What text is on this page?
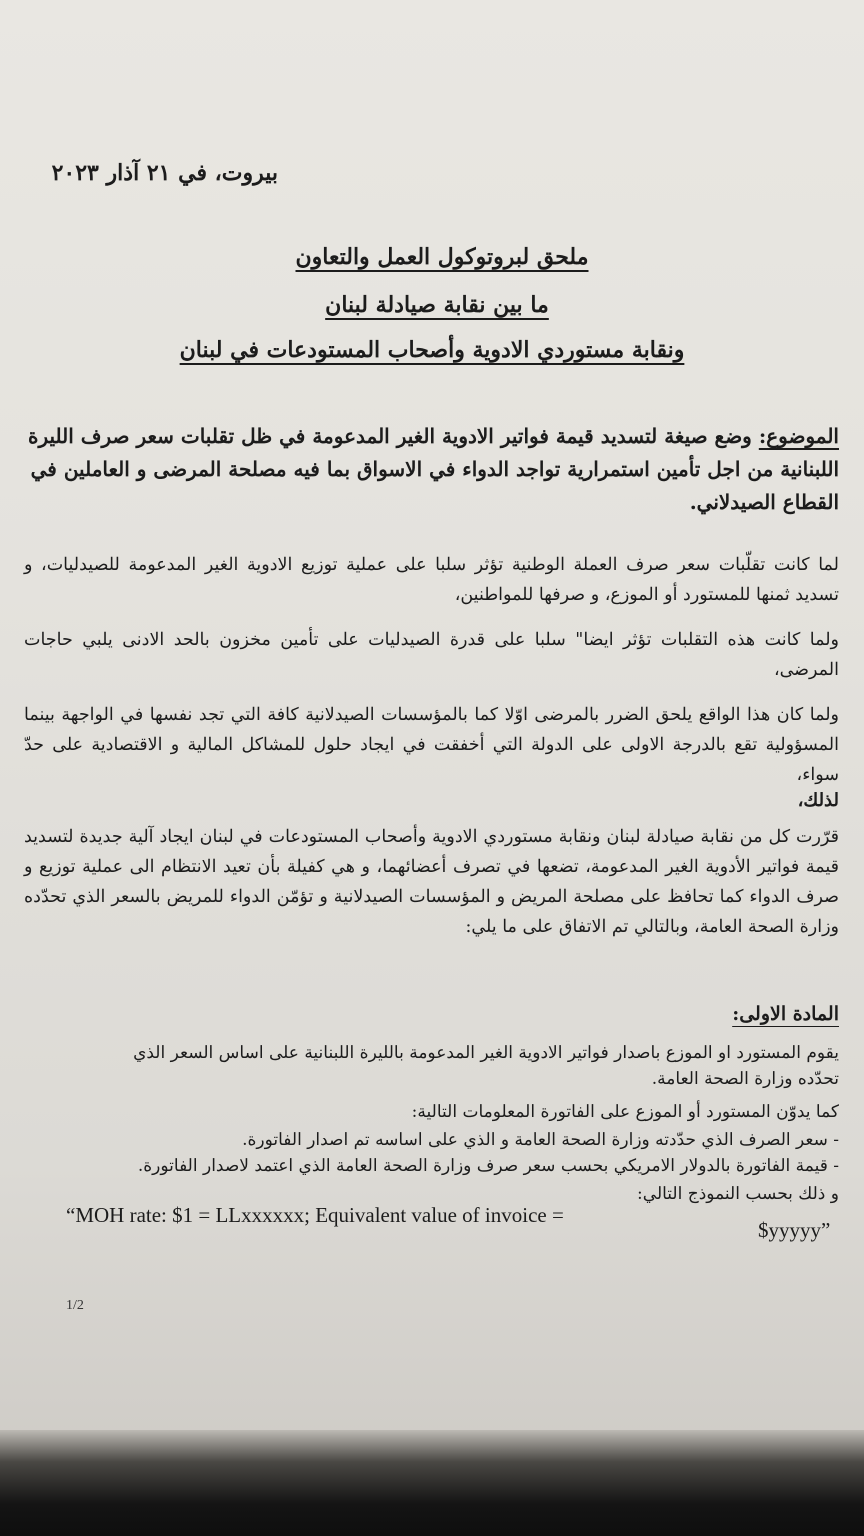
بيروت، في ٢١ آذار ٢٠٢٣
ملحق لبروتوكول العمل والتعاون
ما بين نقابة صيادلة لبنان
ونقابة مستوردي الادوية وأصحاب المستودعات في لبنان
الموضوع: وضع صيغة لتسديد قيمة فواتير الادوية الغير المدعومة في ظل تقلبات سعر صرف الليرة اللبنانية من اجل تأمين استمرارية تواجد الدواء في الاسواق بما فيه مصلحة المرضى و العاملين في القطاع الصيدلاني.
لما كانت تقلّبات سعر صرف العملة الوطنية تؤثر سلبا على عملية توزيع الادوية الغير المدعومة للصيدليات، و تسديد ثمنها للمستورد أو الموزع، و صرفها للمواطنين،
ولما كانت هذه التقلبات تؤثر ايضا" سلبا على قدرة الصيدليات على تأمين مخزون بالحد الادنى يلبي حاجات المرضى،
ولما كان هذا الواقع يلحق الضرر بالمرضى اوّلا كما بالمؤسسات الصيدلانية كافة التي تجد نفسها في الواجهة بينما المسؤولية تقع بالدرجة الاولى على الدولة التي أخفقت في ايجاد حلول للمشاكل المالية و الاقتصادية على حدّ سواء،
لذلك،
قرّرت كل من نقابة صيادلة لبنان ونقابة مستوردي الادوية وأصحاب المستودعات في لبنان ايجاد آلية جديدة لتسديد قيمة فواتير الأدوية الغير المدعومة، تضعها في تصرف أعضائهما، و هي كفيلة بأن تعيد الانتظام الى عملية توزيع و صرف الدواء كما تحافظ على مصلحة المريض و المؤسسات الصيدلانية و تؤمّن الدواء للمريض بالسعر الذي تحدّده وزارة الصحة العامة، وبالتالي تم الاتفاق على ما يلي:
المادة الاولى:
يقوم المستورد او الموزع باصدار فواتير الادوية الغير المدعومة بالليرة اللبنانية على اساس السعر الذي
تحدّده وزارة الصحة العامة.
كما يدوّن المستورد أو الموزع على الفاتورة المعلومات التالية:
- سعر الصرف الذي حدّدته وزارة الصحة العامة و الذي على اساسه تم اصدار الفاتورة.
- قيمة الفاتورة بالدولار الامريكي بحسب سعر صرف وزارة الصحة العامة الذي اعتمد لاصدار الفاتورة.
و ذلك بحسب النموذج التالي:
“MOH rate: $1 = LLxxxxxx; Equivalent value of invoice =
$yyyyy”
1/2
